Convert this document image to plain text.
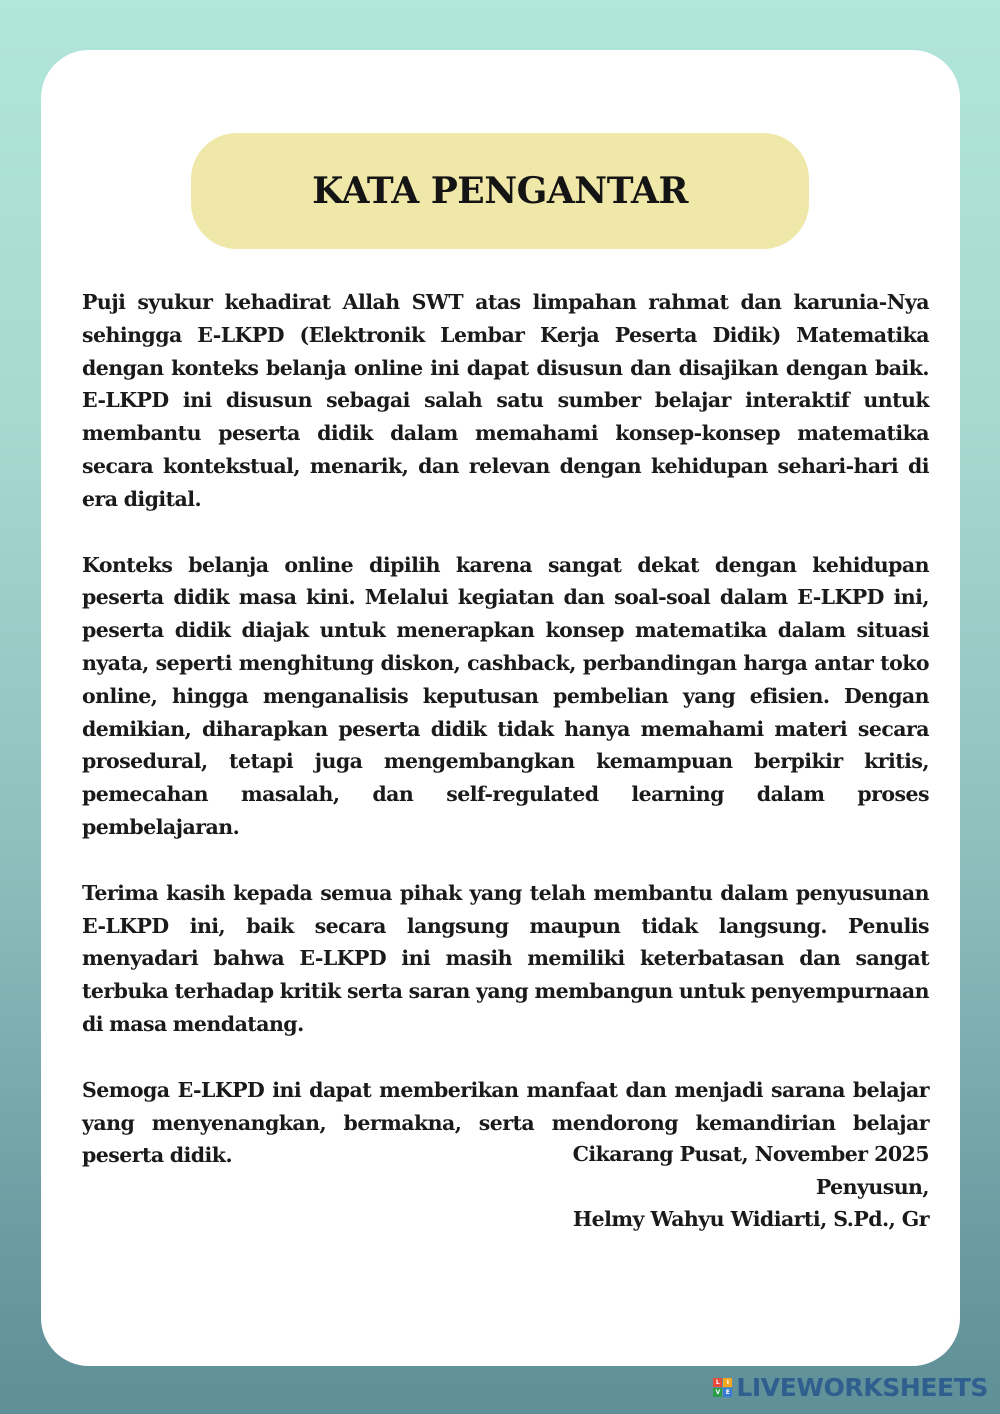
KATA PENGANTAR

Puji syukur kehadirat Allah SWT atas limpahan rahmat dan karunia-Nya sehingga E-LKPD (Elektronik Lembar Kerja Peserta Didik) Matematika dengan konteks belanja online ini dapat disusun dan disajikan dengan baik. E-LKPD ini disusun sebagai salah satu sumber belajar interaktif untuk membantu peserta didik dalam memahami konsep-konsep matematika secara kontekstual, menarik, dan relevan dengan kehidupan sehari-hari di era digital.

Konteks belanja online dipilih karena sangat dekat dengan kehidupan peserta didik masa kini. Melalui kegiatan dan soal-soal dalam E-LKPD ini, peserta didik diajak untuk menerapkan konsep matematika dalam situasi nyata, seperti menghitung diskon, cashback, perbandingan harga antar toko online, hingga menganalisis keputusan pembelian yang efisien. Dengan demikian, diharapkan peserta didik tidak hanya memahami materi secara prosedural, tetapi juga mengembangkan kemampuan berpikir kritis, pemecahan masalah, dan self-regulated learning dalam proses pembelajaran.

Terima kasih kepada semua pihak yang telah membantu dalam penyusunan E-LKPD ini, baik secara langsung maupun tidak langsung. Penulis menyadari bahwa E-LKPD ini masih memiliki keterbatasan dan sangat terbuka terhadap kritik serta saran yang membangun untuk penyempurnaan di masa mendatang.

Semoga E-LKPD ini dapat memberikan manfaat dan menjadi sarana belajar yang menyenangkan, bermakna, serta mendorong kemandirian belajar peserta didik.	Cikarang Pusat, November 2025
Penyusun,
Helmy Wahyu Widiarti, S.Pd., Gr
L	I
V E LIVEWORKSHEETS
